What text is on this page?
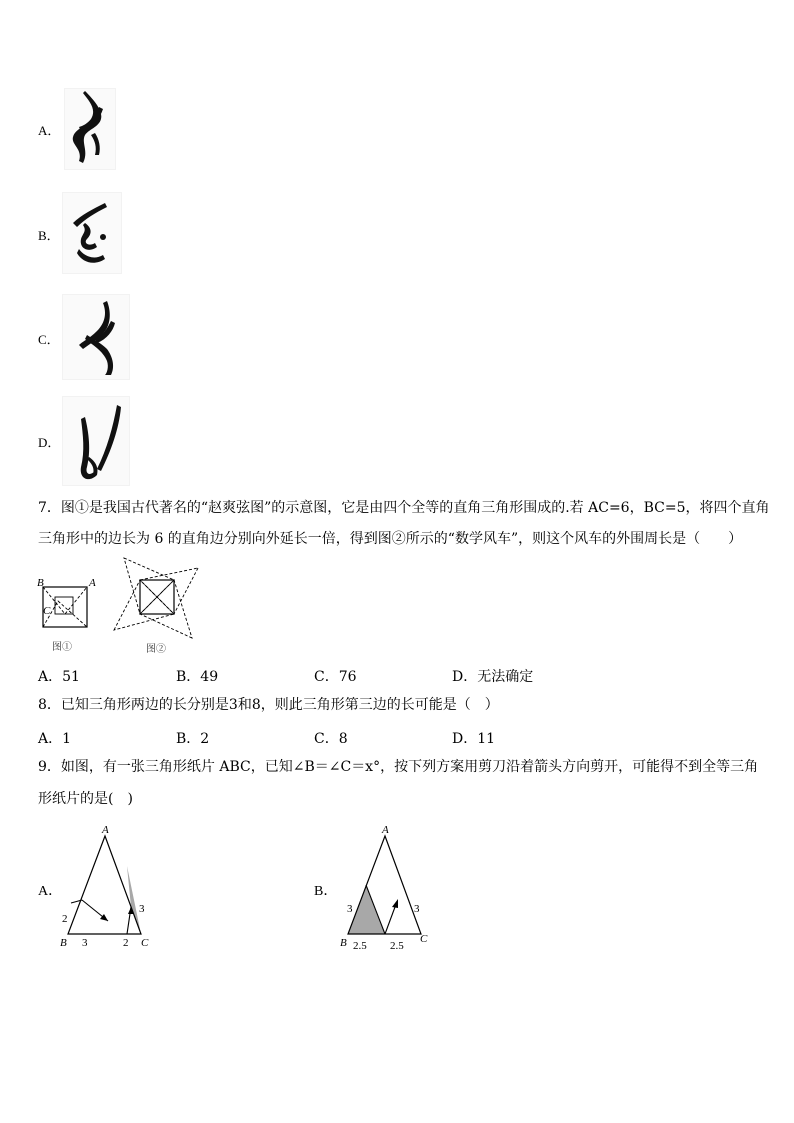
A．
B．
C．
D．
7．图①是我国古代著名的“赵爽弦图”的示意图，它是由四个全等的直角三角形围成的.若 AC=6，BC=5，将四个直角
三角形中的边长为 6 的直角边分别向外延长一倍，得到图②所示的“数学风车”，则这个风车的外围周长是（　　）
B	A
C
图①	图②
A．51	B．49	C．76	D．无法确定
8．已知三角形两边的长分别是3和8，则此三角形第三边的长可能是（　）
A．1	B．2	C．8	D．11
9．如图，有一张三角形纸片 ABC，已知∠B＝∠C＝x°，按下列方案用剪刀沿着箭头方向剪开，可能得不到全等三角
形纸片的是(　)
A．
A
B	C
2
3	2
3
B．
A
B	C
3
2.5 2.5
3
